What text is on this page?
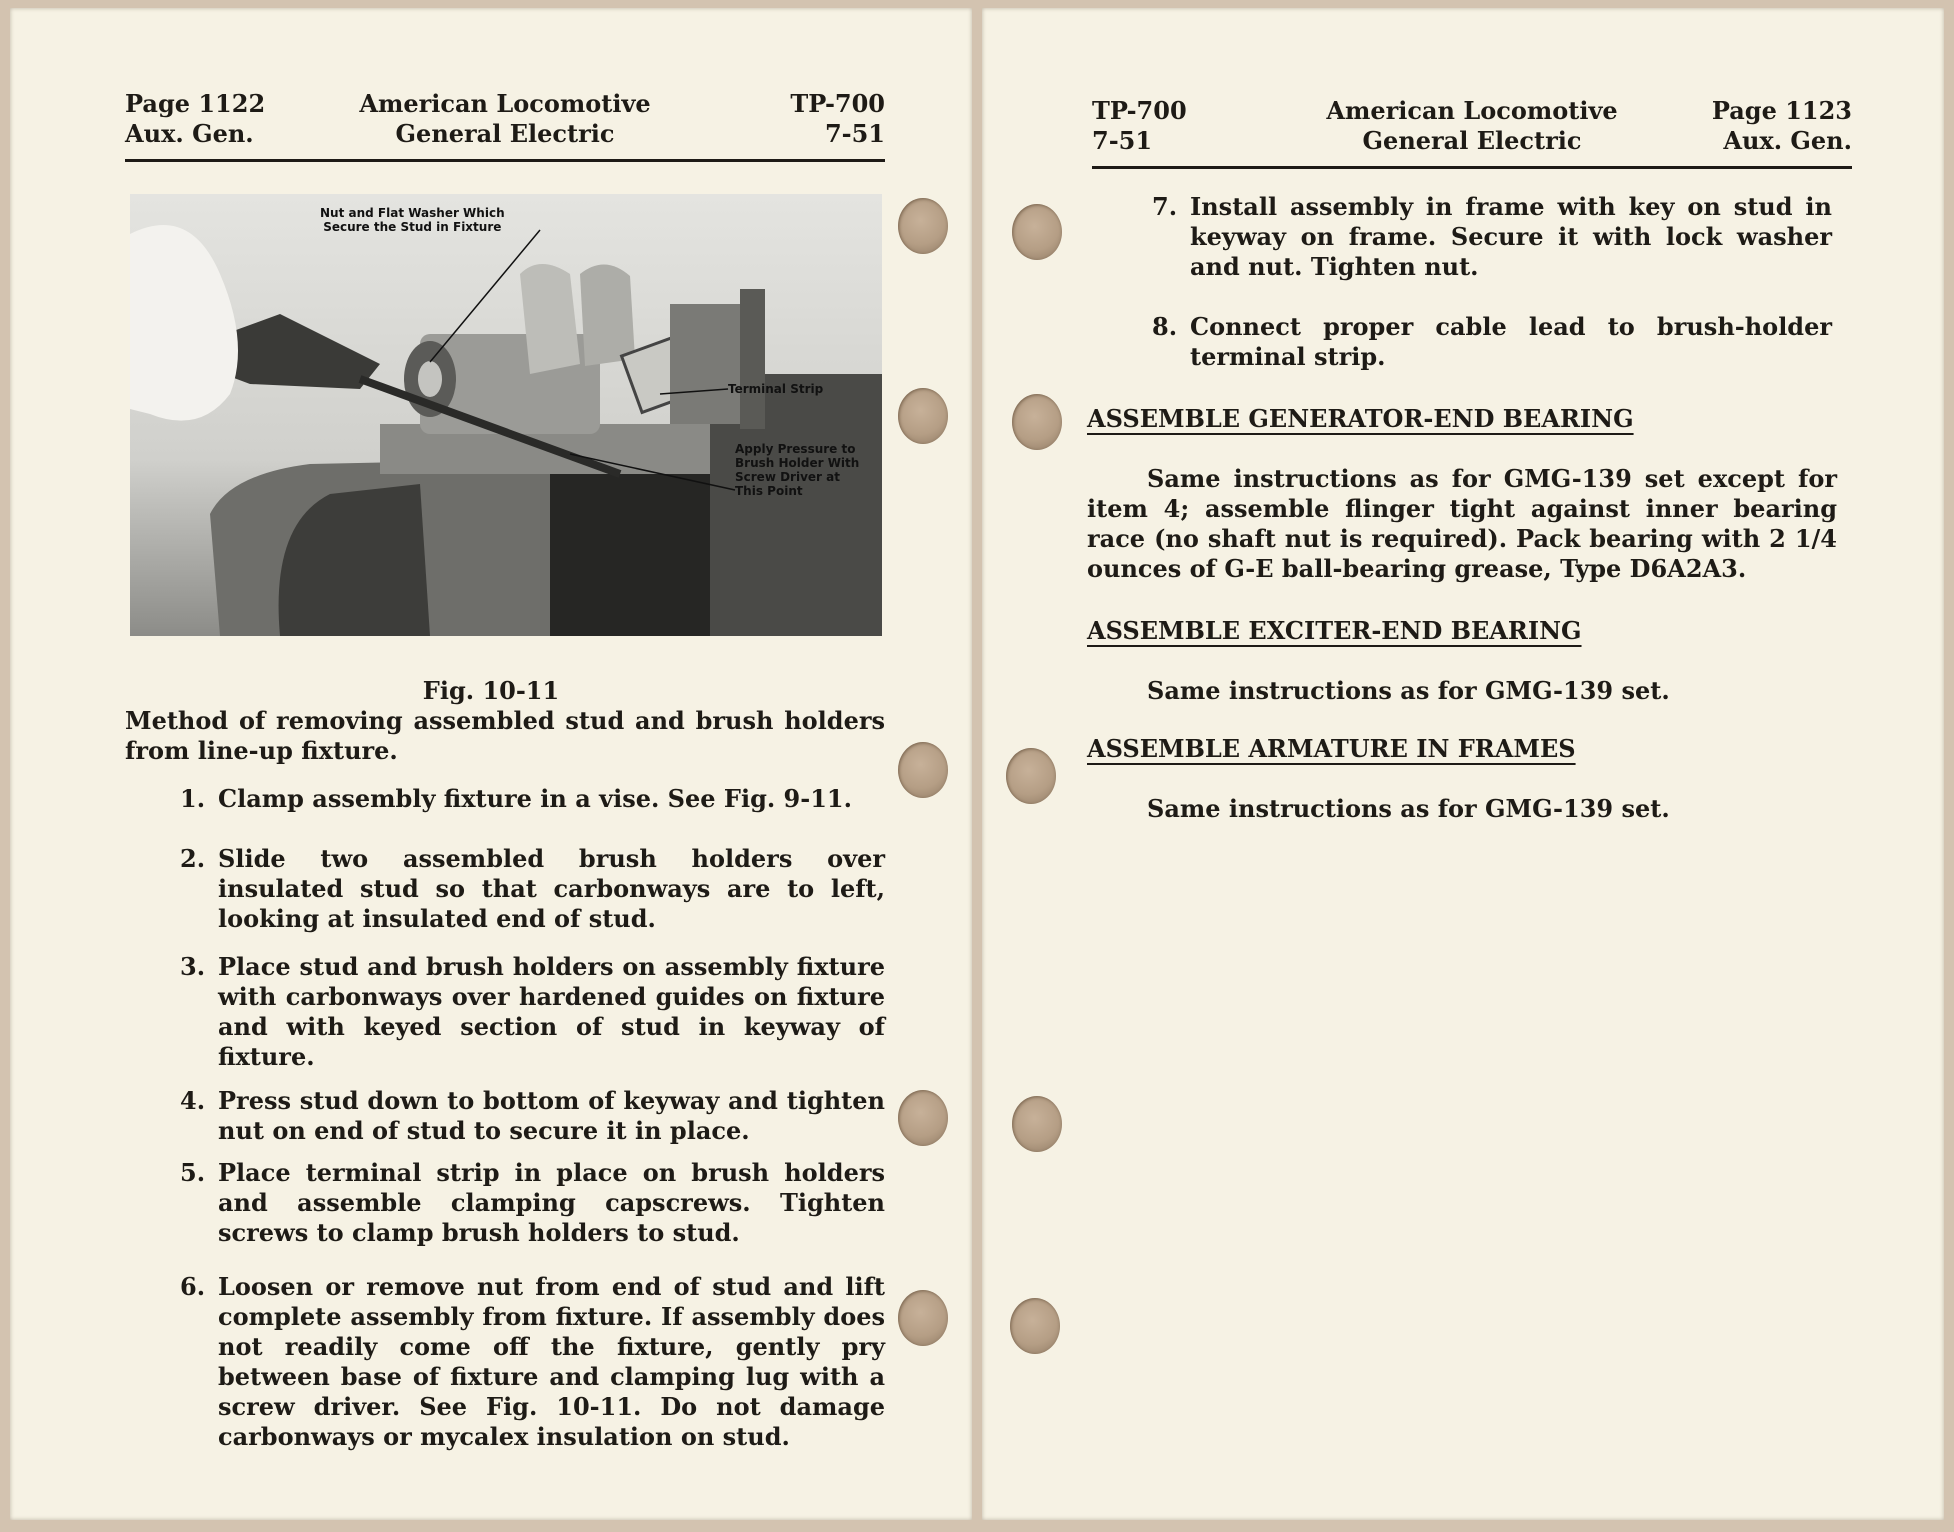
Page 1122
Aux. Gen.
American Locomotive
General Electric
TP-700
7-51
Nut and Flat Washer Which
Secure the Stud in Fixture
Terminal Strip
Apply Pressure to
Brush Holder With
Screw Driver at
This Point
Fig. 10-11
Method of removing assembled stud and brush holders from line-up fixture.
1. Clamp assembly fixture in a vise. See Fig. 9-11.
2. Slide two assembled brush holders over insulated stud so that carbonways are to left, looking at insulated end of stud.
3. Place stud and brush holders on assembly fixture with carbonways over hardened guides on fixture and with keyed section of stud in keyway of fixture.
4. Press stud down to bottom of keyway and tighten nut on end of stud to secure it in place.
5. Place terminal strip in place on brush holders and assemble clamping capscrews. Tighten screws to clamp brush holders to stud.
6. Loosen or remove nut from end of stud and lift complete assembly from fixture. If assembly does not readily come off the fixture, gently pry between base of fixture and clamping lug with a screw driver. See Fig. 10-11. Do not damage carbonways or mycalex insulation on stud.
TP-700
7-51
American Locomotive
General Electric
Page 1123
Aux. Gen.
7. Install assembly in frame with key on stud in keyway on frame. Secure it with lock washer and nut. Tighten nut.
8. Connect proper cable lead to brush-holder terminal strip.
ASSEMBLE GENERATOR-END BEARING
Same instructions as for GMG-139 set except for item 4; assemble flinger tight against inner bearing race (no shaft nut is required). Pack bearing with 2 1/4 ounces of G-E ball-bearing grease, Type D6A2A3.
ASSEMBLE EXCITER-END BEARING
Same instructions as for GMG-139 set.
ASSEMBLE ARMATURE IN FRAMES
Same instructions as for GMG-139 set.
